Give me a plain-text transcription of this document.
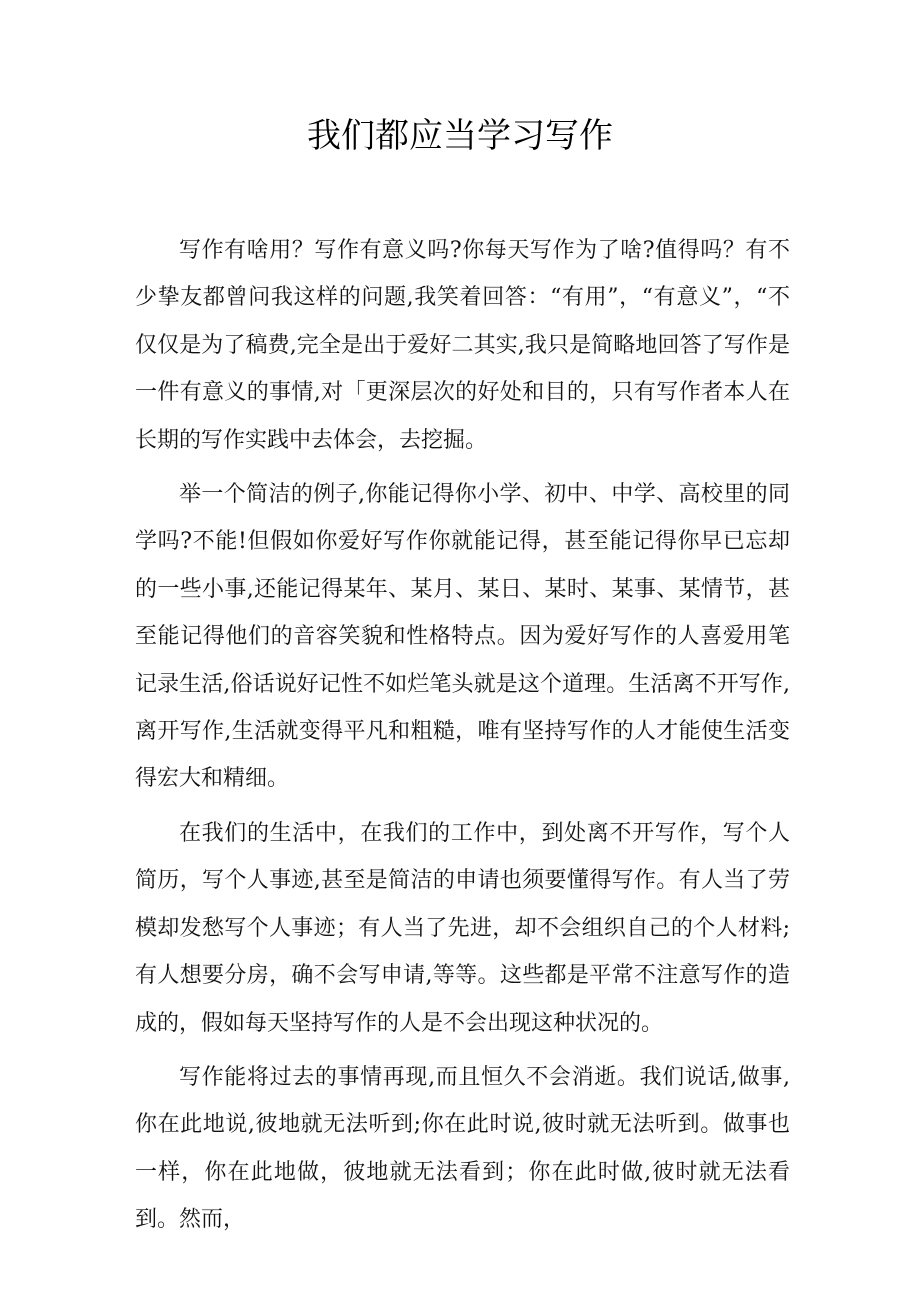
我们都应当学习写作

写作有啥用？写作有意义吗?你每天写作为了啥?值得吗？有不少挚友都曾问我这样的问题,我笑着回答：“有用”，“有意义”，“不仅仅是为了稿费,完全是出于爱好二其实,我只是简略地回答了写作是一件有意义的事情,对「更深层次的好处和目的，只有写作者本人在长期的写作实践中去体会，去挖掘。

举一个简洁的例子,你能记得你小学、初中、中学、高校里的同学吗?不能!但假如你爱好写作你就能记得，甚至能记得你早已忘却的一些小事,还能记得某年、某月、某日、某时、某事、某情节，甚至能记得他们的音容笑貌和性格特点。因为爱好写作的人喜爱用笔记录生活,俗话说好记性不如烂笔头就是这个道理。生活离不开写作,离开写作,生活就变得平凡和粗糙，唯有坚持写作的人才能使生活变得宏大和精细。

在我们的生活中，在我们的工作中，到处离不开写作，写个人简历，写个人事迹,甚至是简洁的申请也须要懂得写作。有人当了劳模却发愁写个人事迹；有人当了先进，却不会组织自己的个人材料;有人想要分房，确不会写申请,等等。这些都是平常不注意写作的造成的，假如每天坚持写作的人是不会出现这种状况的。

写作能将过去的事情再现,而且恒久不会消逝。我们说话,做事,你在此地说,彼地就无法听到;你在此时说,彼时就无法听到。做事也一样，你在此地做，彼地就无法看到；你在此时做,彼时就无法看到。然而，
